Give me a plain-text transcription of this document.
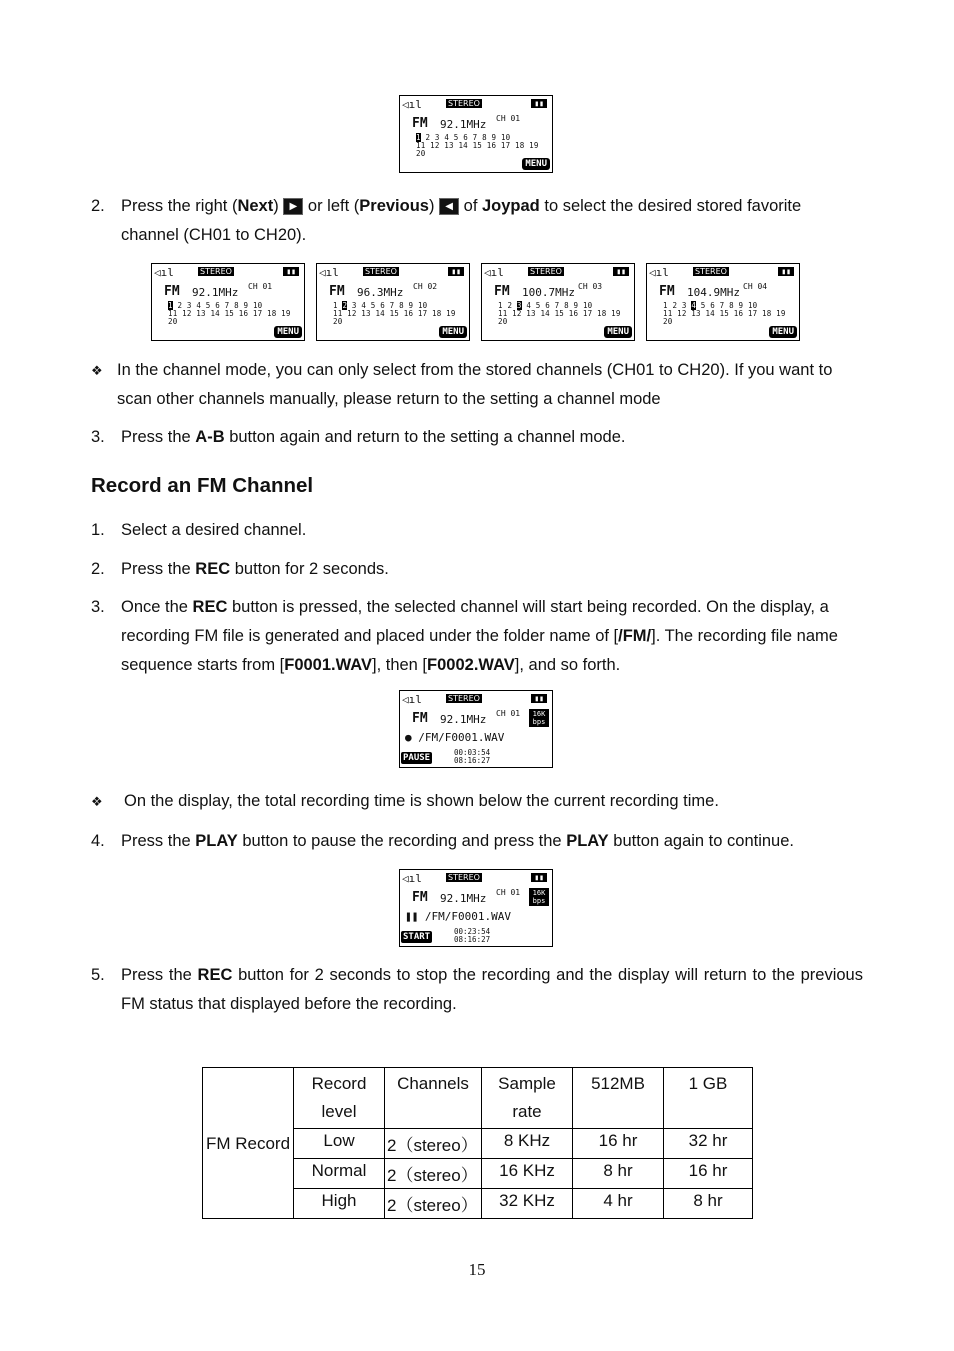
◁ıl	STEREO	▮▮
FM 92.1MHz CH 01
1 2 3 4 5 6 7 8 9 10
11 12 13 14 15 16 17 18 19 20
MENU
2. Press the right (Next) ▶ or left (Previous) ◀ of Joypad to select the desired stored favorite channel (CH01 to CH20).
◁ıl	STEREO	▮▮
FM 92.1MHz CH 01
1 2 3 4 5 6 7 8 9 10
11 12 13 14 15 16 17 18 19 20
MENU
◁ıl	STEREO	▮▮
FM 96.3MHz CH 02
1 2 3 4 5 6 7 8 9 10
11 12 13 14 15 16 17 18 19 20
MENU
◁ıl	STEREO	▮▮
FM 100.7MHz CH 03
1 2 3 4 5 6 7 8 9 10
11 12 13 14 15 16 17 18 19 20
MENU
◁ıl	STEREO	▮▮
FM 104.9MHz CH 04
1 2 3 4 5 6 7 8 9 10
11 12 13 14 15 16 17 18 19 20
MENU
❖ In the channel mode, you can only select from the stored channels (CH01 to CH20). If you want to scan other channels manually, please return to the setting a channel mode
3. Press the A-B button again and return to the setting a channel mode.
Record an FM Channel
1. Select a desired channel.
2. Press the REC button for 2 seconds.
3. Once the REC button is pressed, the selected channel will start being recorded. On the display, a recording FM file is generated and placed under the folder name of [/FM/]. The recording file name sequence starts from [F0001.WAV], then [F0002.WAV], and so forth.
◁ıl	STEREO	▮▮
FM 92.1MHz CH 01	16K bps
● /FM/F0001.WAV
PAUSE
00:03:54
08:16:27
❖ On the display, the total recording time is shown below the current recording time.
4. Press the PLAY button to pause the recording and press the PLAY button again to continue.
◁ıl	STEREO	▮▮
FM 92.1MHz CH 01	16K bps
❚❚ /FM/F0001.WAV
START
00:23:54
08:16:27
5. Press the REC button for 2 seconds to stop the recording and the display will return to the previous FM status that displayed before the recording.
FM Record	Record level	Channels	Sample rate	512MB	1 GB
	Low	2（stereo）	8 KHz	16 hr	32 hr
	Normal	2（stereo）	16 KHz	8 hr	16 hr
	High	2（stereo）	32 KHz	4 hr	8 hr
15
